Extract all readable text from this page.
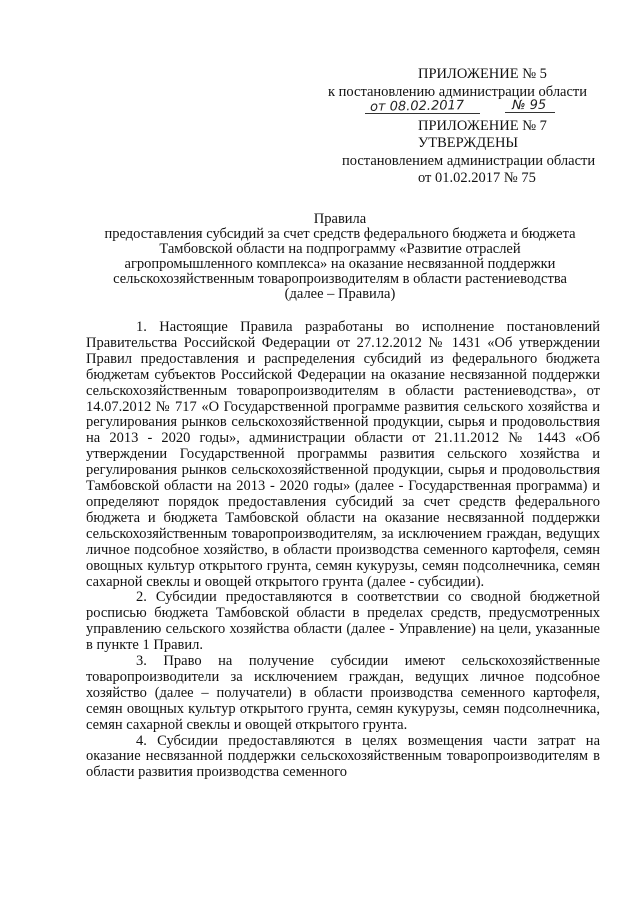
ПРИЛОЖЕНИЕ № 5
к постановлению администрации области
от 08.02.2017	№ 95
ПРИЛОЖЕНИЕ № 7
УТВЕРЖДЕНЫ
постановлением администрации области
от 01.02.2017 № 75
Правила
предоставления субсидий за счет средств федерального бюджета и бюджета
Тамбовской области на подпрограмму «Развитие отраслей
агропромышленного комплекса» на оказание несвязанной поддержки
сельскохозяйственным товаропроизводителям в области растениеводства
(далее – Правила)

1. Настоящие Правила разработаны во исполнение постановлений Правительства Российской Федерации от 27.12.2012 № 1431 «Об утверждении Правил предоставления и распределения субсидий из федерального бюджета бюджетам субъектов Российской Федерации на оказание несвязанной поддержки сельскохозяйственным товаропроизводителям в области растениеводства», от 14.07.2012 № 717 «О Государственной программе развития сельского хозяйства и регулирования рынков сельскохозяйственной продукции, сырья и продовольствия на 2013 - 2020 годы», администрации области от 21.11.2012 № 1443 «Об утверждении Государственной программы развития сельского хозяйства и регулирования рынков сельскохозяйственной продукции, сырья и продовольствия Тамбовской области на 2013 - 2020 годы» (далее - Государственная программа) и определяют порядок предоставления субсидий за счет средств федерального бюджета и бюджета Тамбовской области на оказание несвязанной поддержки сельскохозяйственным товаропроизводителям, за исключением граждан, ведущих личное подсобное хозяйство, в области производства семенного картофеля, семян овощных культур открытого грунта, семян кукурузы, семян подсолнечника, семян сахарной свеклы и овощей открытого грунта (далее - субсидии).

2. Субсидии предоставляются в соответствии со сводной бюджетной росписью бюджета Тамбовской области в пределах средств, предусмотренных управлению сельского хозяйства области (далее - Управление) на цели, указанные в пункте 1 Правил.

3. Право на получение субсидии имеют сельскохозяйственные товаропроизводители за исключением граждан, ведущих личное подсобное хозяйство (далее – получатели) в области производства семенного картофеля, семян овощных культур открытого грунта, семян кукурузы, семян подсолнечника, семян сахарной свеклы и овощей открытого грунта.

4. Субсидии предоставляются в целях возмещения части затрат на оказание несвязанной поддержки сельскохозяйственным товаропроизводителям в области развития производства семенного
